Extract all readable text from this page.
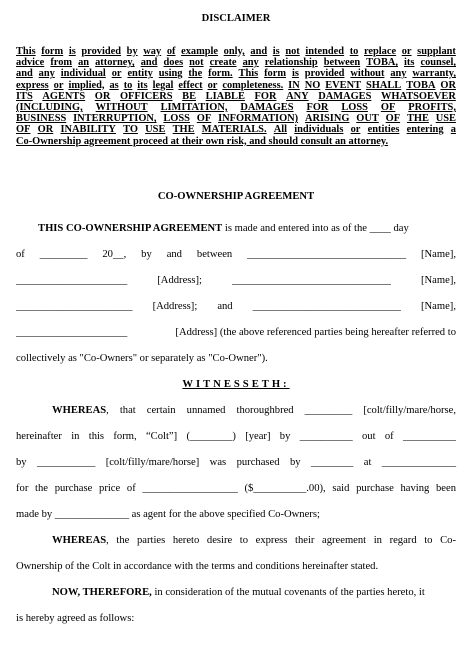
DISCLAIMER
This form is provided by way of example only, and is not intended to replace or supplant
advice from an attorney, and does not create any relationship between TOBA, its counsel,
and any individual or entity using the form. This form is provided without any warranty,
express or implied, as to its legal effect or completeness. IN NO EVENT SHALL TOBA OR
ITS AGENTS OR OFFICERS BE LIABLE FOR ANY DAMAGES WHATSOEVER
(INCLUDING, WITHOUT LIMITATION, DAMAGES FOR LOSS OF PROFITS,
BUSINESS INTERRUPTION, LOSS OF INFORMATION) ARISING OUT OF THE USE
OF OR INABILITY TO USE THE MATERIALS. All individuals or entities entering a
Co-Ownership agreement proceed at their own risk, and should consult an attorney.
CO-OWNERSHIP AGREEMENT
THIS CO-OWNERSHIP AGREEMENT is made and entered into as of the ____ day
of _________ 20__, by and between ______________________________ [Name],
_____________________	[Address];	______________________________	[Name],
______________________ [Address]; and ____________________________ [Name],
_____________________	[Address] (the above referenced parties being hereafter referred to
collectively as "Co-Owners" or separately as "Co-Owner").
WITNESSETH:
WHEREAS, that certain unnamed thoroughbred _________ [colt/filly/mare/horse,
hereinafter in this form, “Colt”] (________) [year] by __________ out of __________
by ___________ [colt/filly/mare/horse] was purchased by ________ at ______________
for the purchase price of __________________ ($__________.00), said purchase having been
made by ______________ as agent for the above specified Co-Owners;
WHEREAS, the parties hereto desire to express their agreement in regard to Co-
Ownership of the Colt in accordance with the terms and conditions hereinafter stated.
NOW, THEREFORE, in consideration of the mutual covenants of the parties hereto, it
is hereby agreed as follows:
